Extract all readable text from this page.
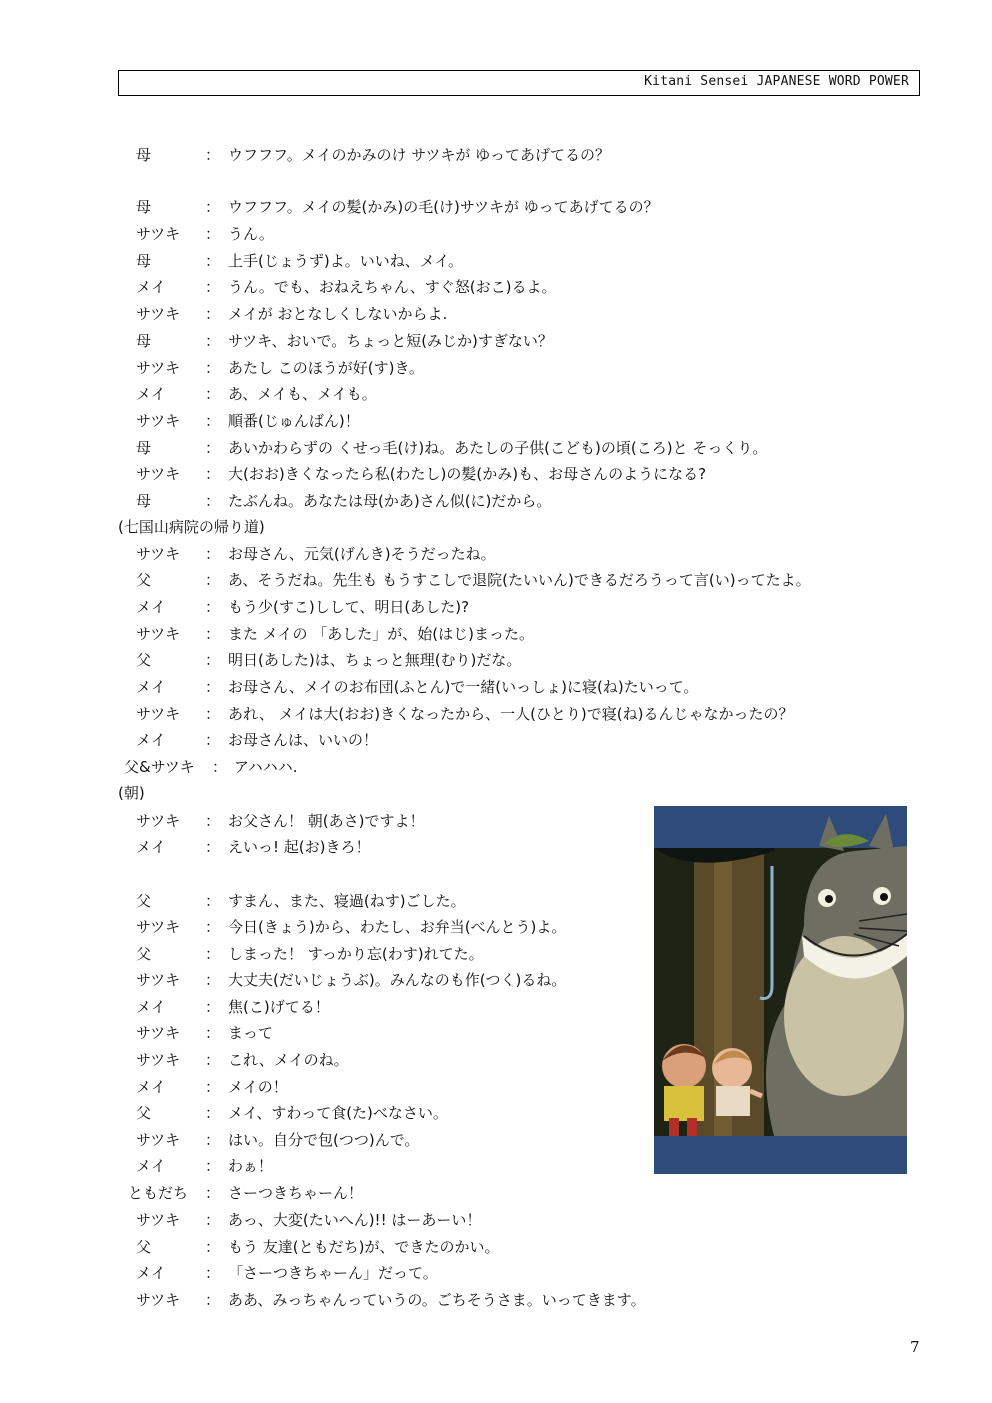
Kitani Sensei JAPANESE WORD POWER
母	： ウフフフ。メイのかみのけ サツキが ゆってあげてるの？
母	： ウフフフ。メイの髪(かみ)の毛(け)サツキが ゆってあげてるの？
サツキ ： うん。
母	： 上手(じょうず)よ。いいね、メイ。
メイ	： うん。でも、おねえちゃん、すぐ怒(おこ)るよ。
サツキ ： メイが おとなしくしないからよ.
母	： サツキ、おいで。ちょっと短(みじか)すぎない？
サツキ ： あたし このほうが好(す)き。
メイ	： あ、メイも、メイも。
サツキ ： 順番(じゅんばん)！
母	： あいかわらずの くせっ毛(け)ね。あたしの子供(こども)の頃(ころ)と そっくり。
サツキ ： 大(おお)きくなったら私(わたし)の髪(かみ)も、お母さんのようになる?
母	： たぶんね。あなたは母(かあ)さん似(に)だから。
(七国山病院の帰り道)
サツキ ： お母さん、元気(げんき)そうだったね。
父	： あ、そうだね。先生も もうすこしで退院(たいいん)できるだろうって言(い)ってたよ。
メイ	： もう少(すこ)しして、明日(あした)?
サツキ ： また メイの 「あした」が、始(はじ)まった。
父	： 明日(あした)は、ちょっと無理(むり)だな。
メイ	： お母さん、メイのお布団(ふとん)で一緒(いっしょ)に寝(ね)たいって。
サツキ ： あれ、 メイは大(おお)きくなったから、一人(ひとり)で寝(ね)るんじゃなかったの？
メイ	： お母さんは、いいの！
父&サツキ ： アハハハ.
(朝)
サツキ ： お父さん！ 朝(あさ)ですよ！
メイ	： えいっ! 起(お)きろ！
父	： すまん、また、寝過(ねす)ごした。
サツキ ： 今日(きょう)から、わたし、お弁当(べんとう)よ。
父	： しまった！ すっかり忘(わす)れてた。
サツキ ： 大丈夫(だいじょうぶ)。みんなのも作(つく)るね。
メイ	： 焦(こ)げてる！
サツキ ： まって
サツキ ： これ、メイのね。
メイ	： メイの！
父	： メイ、すわって食(た)べなさい。
サツキ ： はい。自分で包(つつ)んで。
メイ	： わぁ！
ともだち ： さーつきちゃーん！
サツキ ： あっ、大変(たいへん)!! はーあーい！
父	： もう 友達(ともだち)が、できたのかい。
メイ	： 「さーつきちゃーん」だって。
サツキ ： ああ、みっちゃんっていうの。ごちそうさま。いってきます。
7
